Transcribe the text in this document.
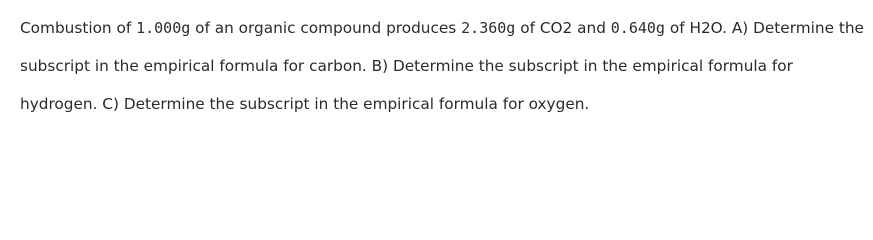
Combustion of 1.000g of an organic compound produces 2.360g of CO2 and 0.640g of H2O. A) Determine the subscript in the empirical formula for carbon. B) Determine the subscript in the empirical formula for hydrogen. C) Determine the subscript in the empirical formula for oxygen.
